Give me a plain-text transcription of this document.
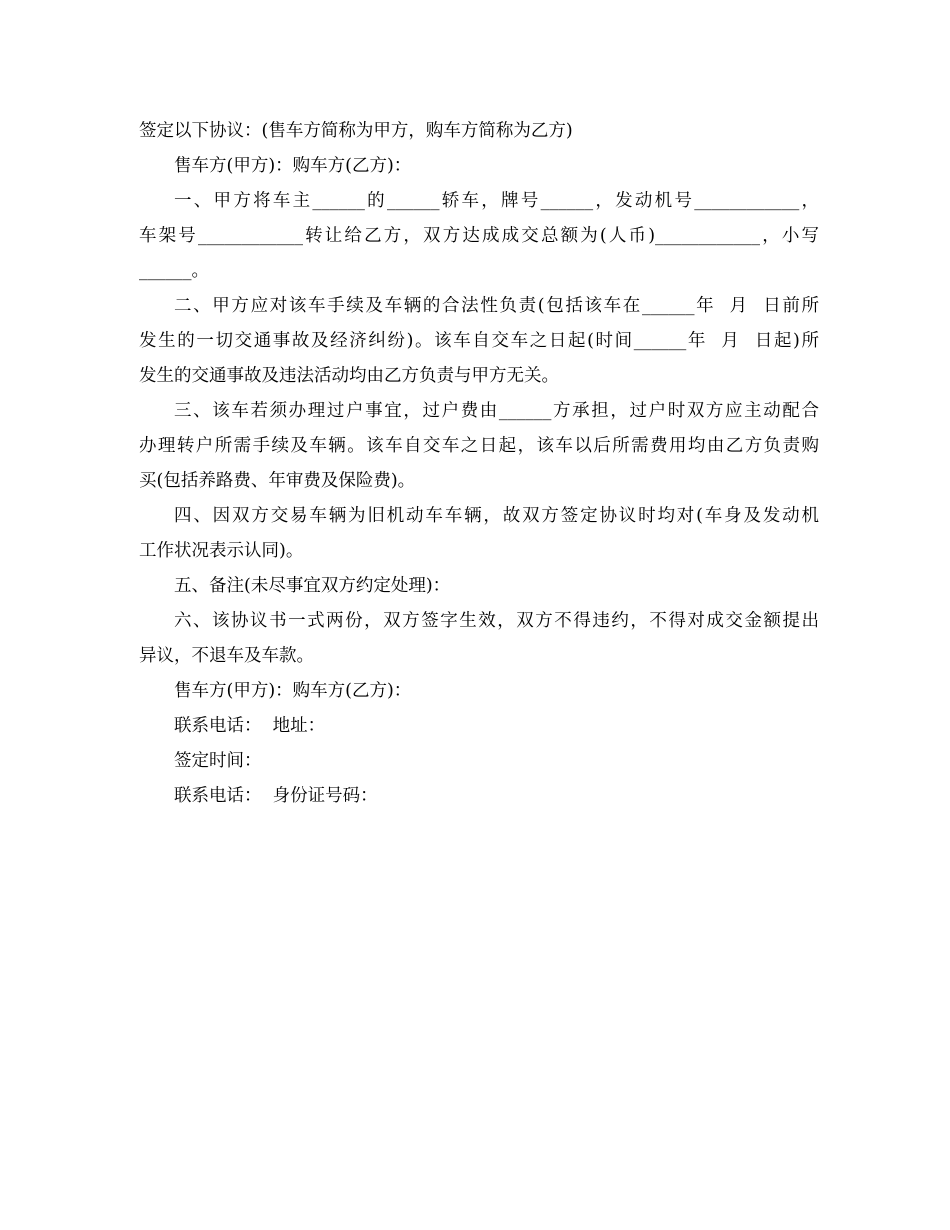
签定以下协议：(售车方简称为甲方，购车方简称为乙方)
售车方(甲方)：购车方(乙方)：
一、甲方将车主______的______轿车，牌号______，发动机号____________，
车架号____________转让给乙方，双方达成成交总额为(人币)____________，小写
______。
二、甲方应对该车手续及车辆的合法性负责(包括该车在______年  月  日前所
发生的一切交通事故及经济纠纷)。该车自交车之日起(时间______年  月  日起)所
发生的交通事故及违法活动均由乙方负责与甲方无关。
三、该车若须办理过户事宜，过户费由______方承担，过户时双方应主动配合
办理转户所需手续及车辆。该车自交车之日起，该车以后所需费用均由乙方负责购
买(包括养路费、年审费及保险费)。
四、因双方交易车辆为旧机动车车辆，故双方签定协议时均对(车身及发动机
工作状况表示认同)。
五、备注(未尽事宜双方约定处理)：
六、该协议书一式两份，双方签字生效，双方不得违约，不得对成交金额提出
异议，不退车及车款。
售车方(甲方)：购车方(乙方)：
联系电话：  地址：
签定时间：
联系电话：  身份证号码：
